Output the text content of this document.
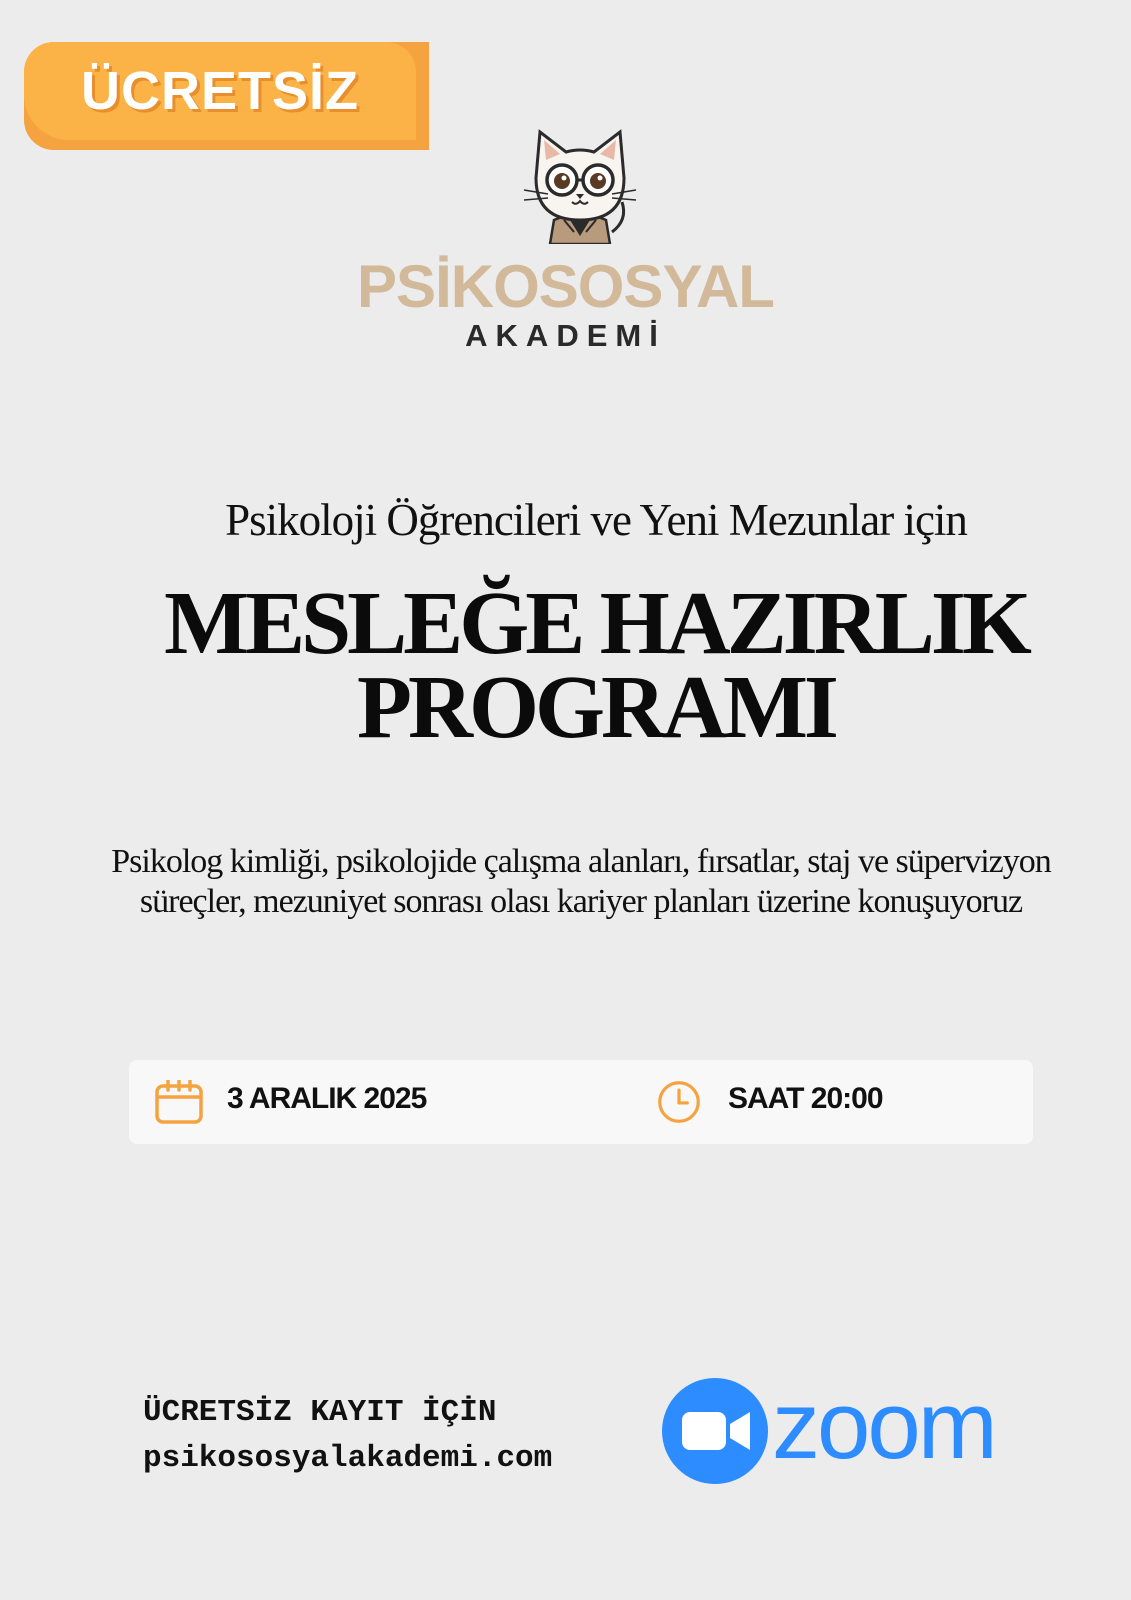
ÜCRETSİZ
PSİKOSOSYAL
AKADEMİ
Psikoloji Öğrencileri ve Yeni Mezunlar için
MESLEĞE HAZIRLIK
PROGRAMI
Psikolog kimliği, psikolojide çalışma alanları, fırsatlar, staj ve süpervizyon süreçler, mezuniyet sonrası olası kariyer planları üzerine konuşuyoruz
3 ARALIK 2025	SAAT 20:00
ÜCRETSİZ KAYIT İÇİN
psikososyalakademi.com zoom
